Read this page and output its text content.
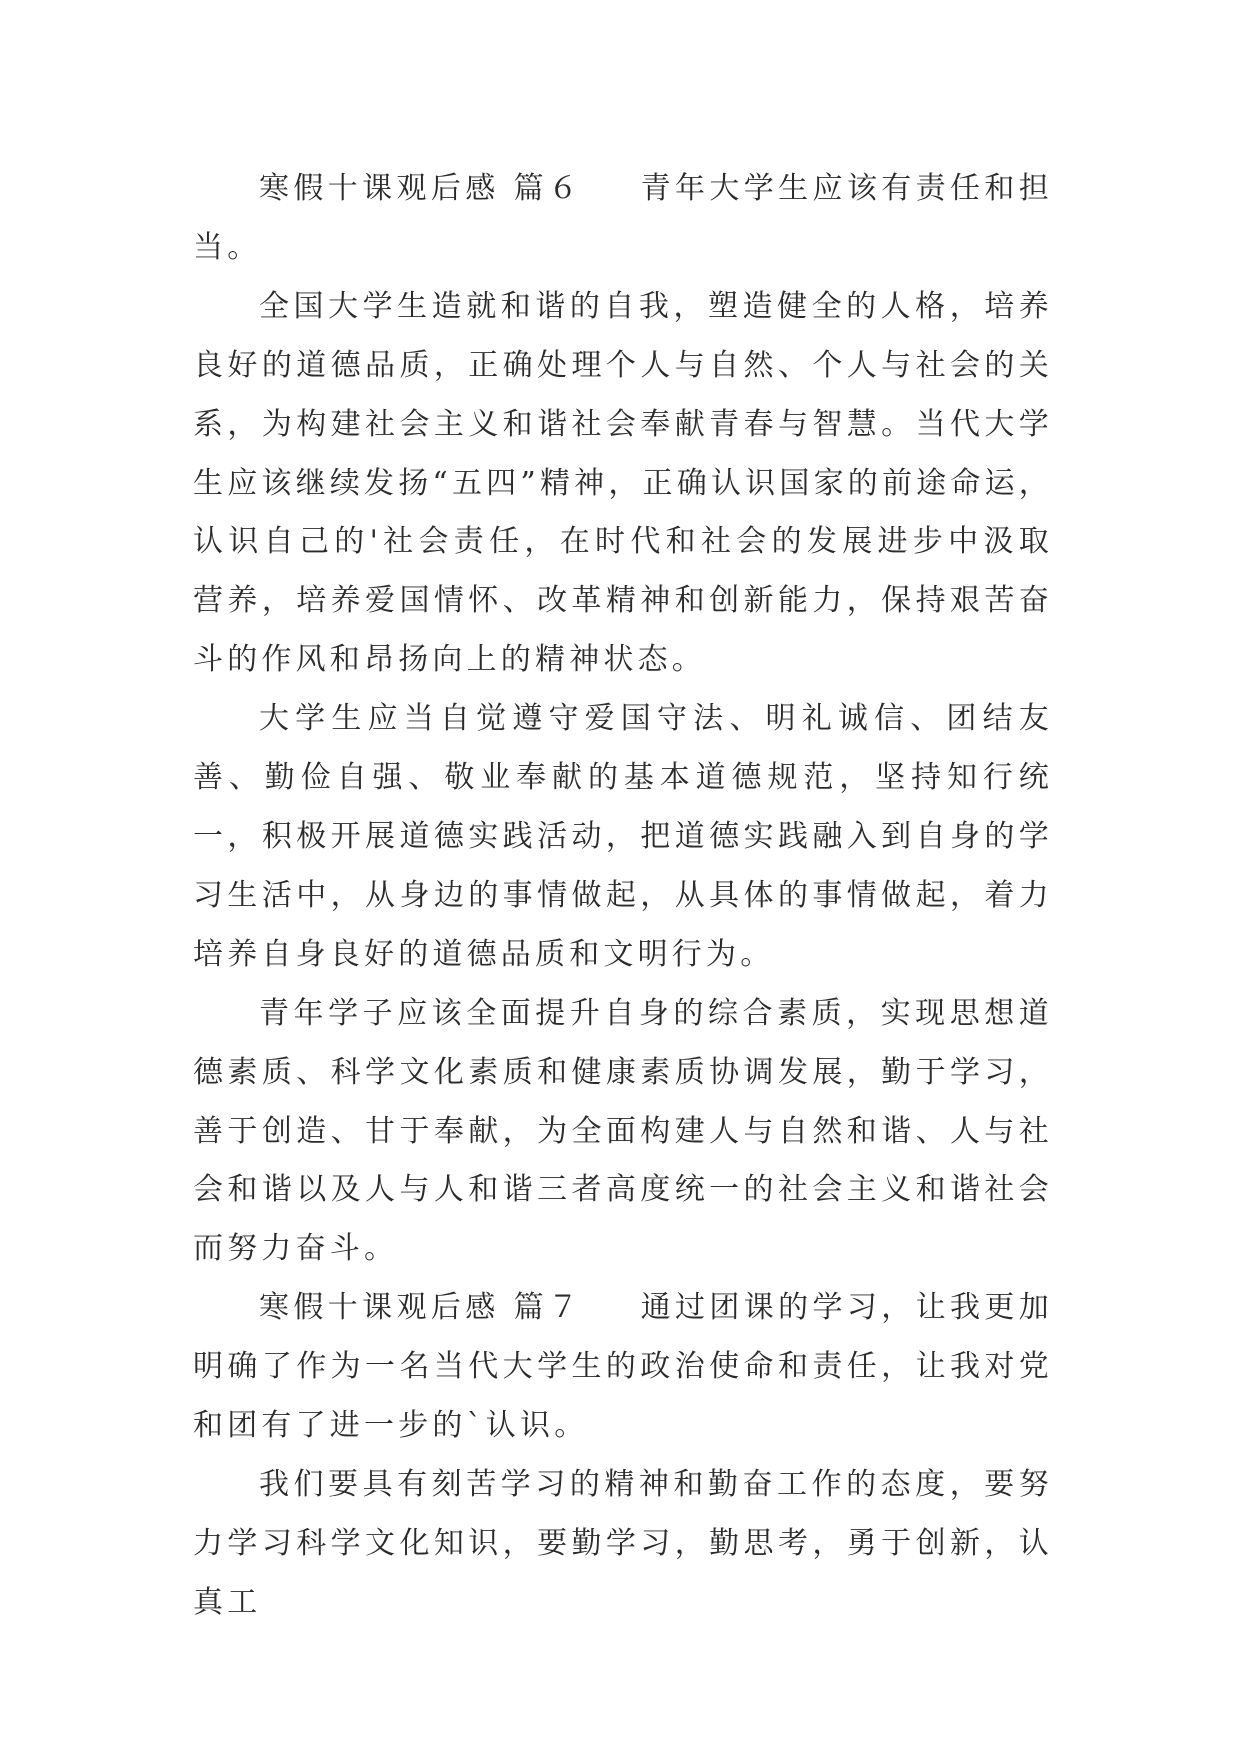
寒假十课观后感 篇６ 青年大学生应该有责任和担当。

全国大学生造就和谐的自我，塑造健全的人格，培养良好的道德品质，正确处理个人与自然、个人与社会的关系，为构建社会主义和谐社会奉献青春与智慧。当代大学生应该继续发扬“五四”精神，正确认识国家的前途命运，认识自己的'社会责任，在时代和社会的发展进步中汲取营养，培养爱国情怀、改革精神和创新能力，保持艰苦奋斗的作风和昂扬向上的精神状态。

大学生应当自觉遵守爱国守法、明礼诚信、团结友善、勤俭自强、敬业奉献的基本道德规范，坚持知行统一，积极开展道德实践活动，把道德实践融入到自身的学习生活中，从身边的事情做起，从具体的事情做起，着力培养自身良好的道德品质和文明行为。

青年学子应该全面提升自身的综合素质，实现思想道德素质、科学文化素质和健康素质协调发展，勤于学习，善于创造、甘于奉献，为全面构建人与自然和谐、人与社会和谐以及人与人和谐三者高度统一的社会主义和谐社会而努力奋斗。

寒假十课观后感 篇７ 通过团课的学习，让我更加明确了作为一名当代大学生的政治使命和责任，让我对党和团有了进一步的`认识。

我们要具有刻苦学习的精神和勤奋工作的态度，要努力学习科学文化知识，要勤学习，勤思考，勇于创新，认真工
